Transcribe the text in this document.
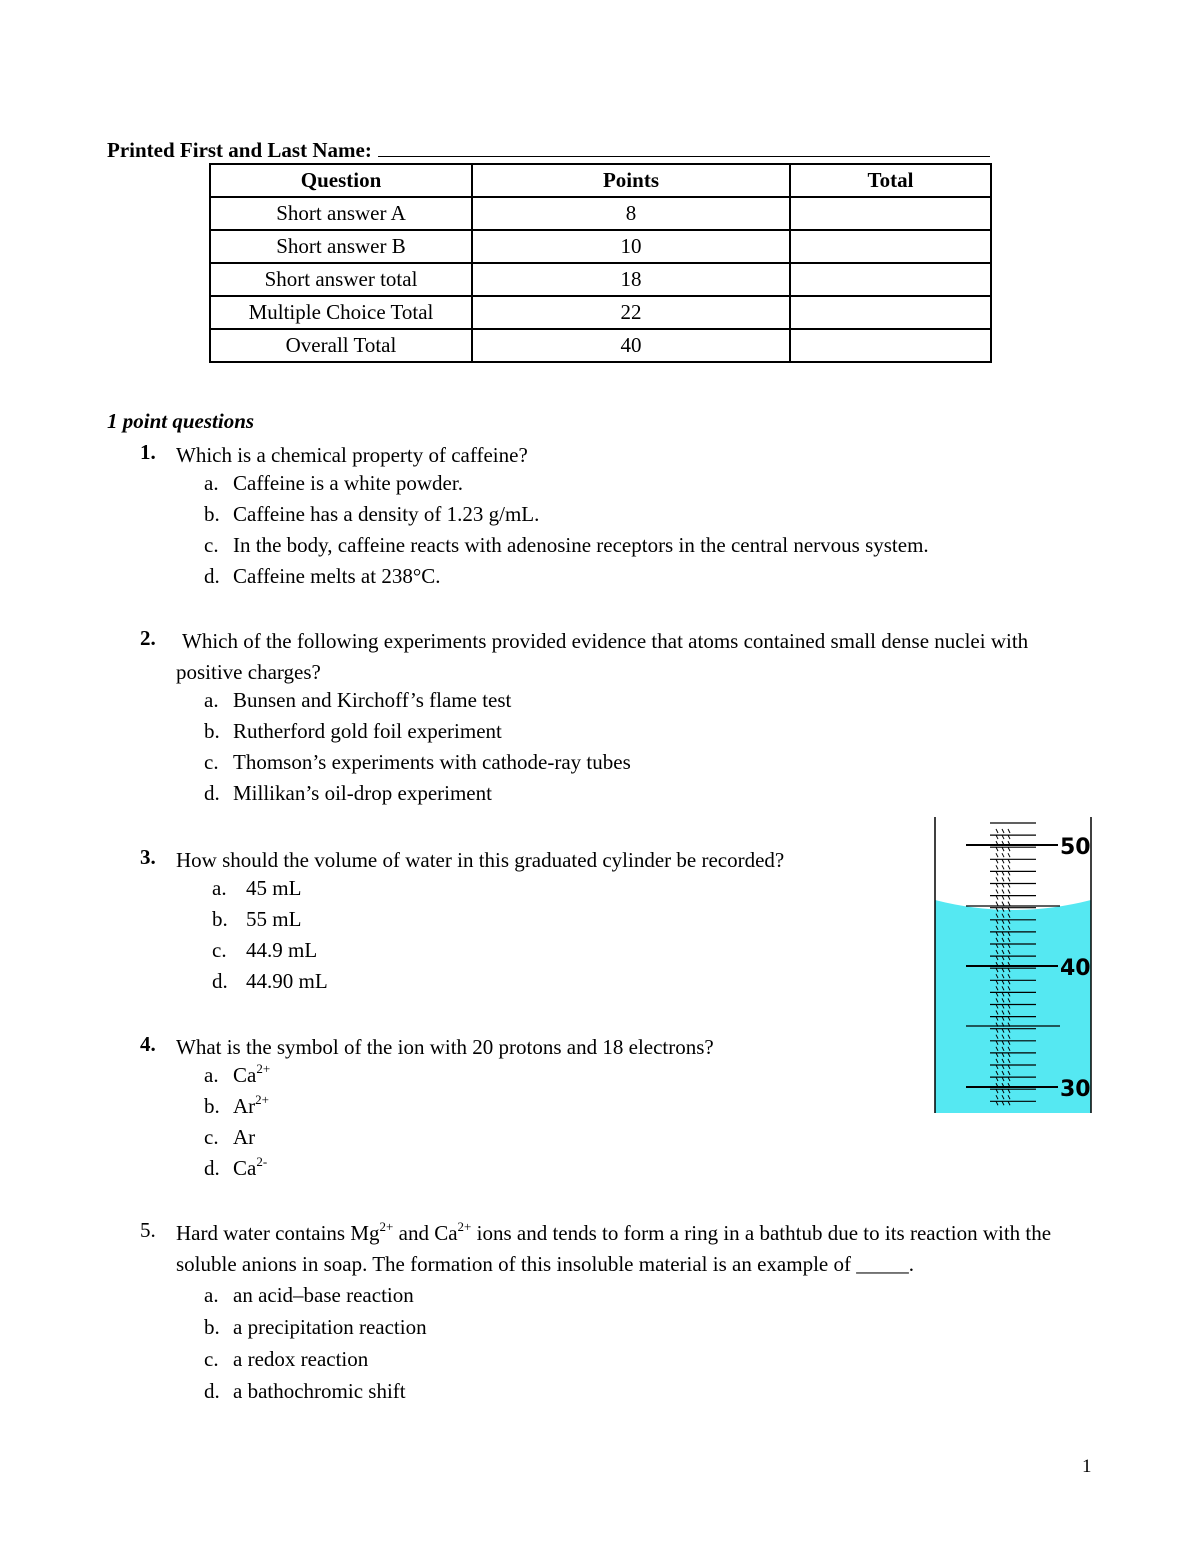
Printed First and Last Name:
Question	Points	Total
Short answer A	8	
Short answer B	10	
Short answer total	18	
Multiple Choice Total	22	
Overall Total	40	
1 point questions
1. Which is a chemical property of caffeine?
a. Caffeine is a white powder.
b. Caffeine has a density of 1.23 g/mL.
c. In the body, caffeine reacts with adenosine receptors in the central nervous system.
d. Caffeine melts at 238°C.
2. Which of the following experiments provided evidence that atoms contained small dense nuclei with positive charges?
a. Bunsen and Kirchoff’s flame test
b. Rutherford gold foil experiment
c. Thomson’s experiments with cathode-ray tubes
d. Millikan’s oil-drop experiment
3. How should the volume of water in this graduated cylinder be recorded?
a. 45 mL
b. 55 mL
c. 44.9 mL
d. 44.90 mL
50
40
30
4. What is the symbol of the ion with 20 protons and 18 electrons?
a. $Ca^{2+}$
b. $Ar^{2+}$
c. Ar
d. $Ca^{2-}$
5. Hard water contains $Mg^{2+}$ and $Ca^{2+}$ ions and tends to form a ring in a bathtub due to its reaction with the soluble anions in soap. The formation of this insoluble material is an example of _____.
a. an acid–base reaction
b. a precipitation reaction
c. a redox reaction
d. a bathochromic shift
1
